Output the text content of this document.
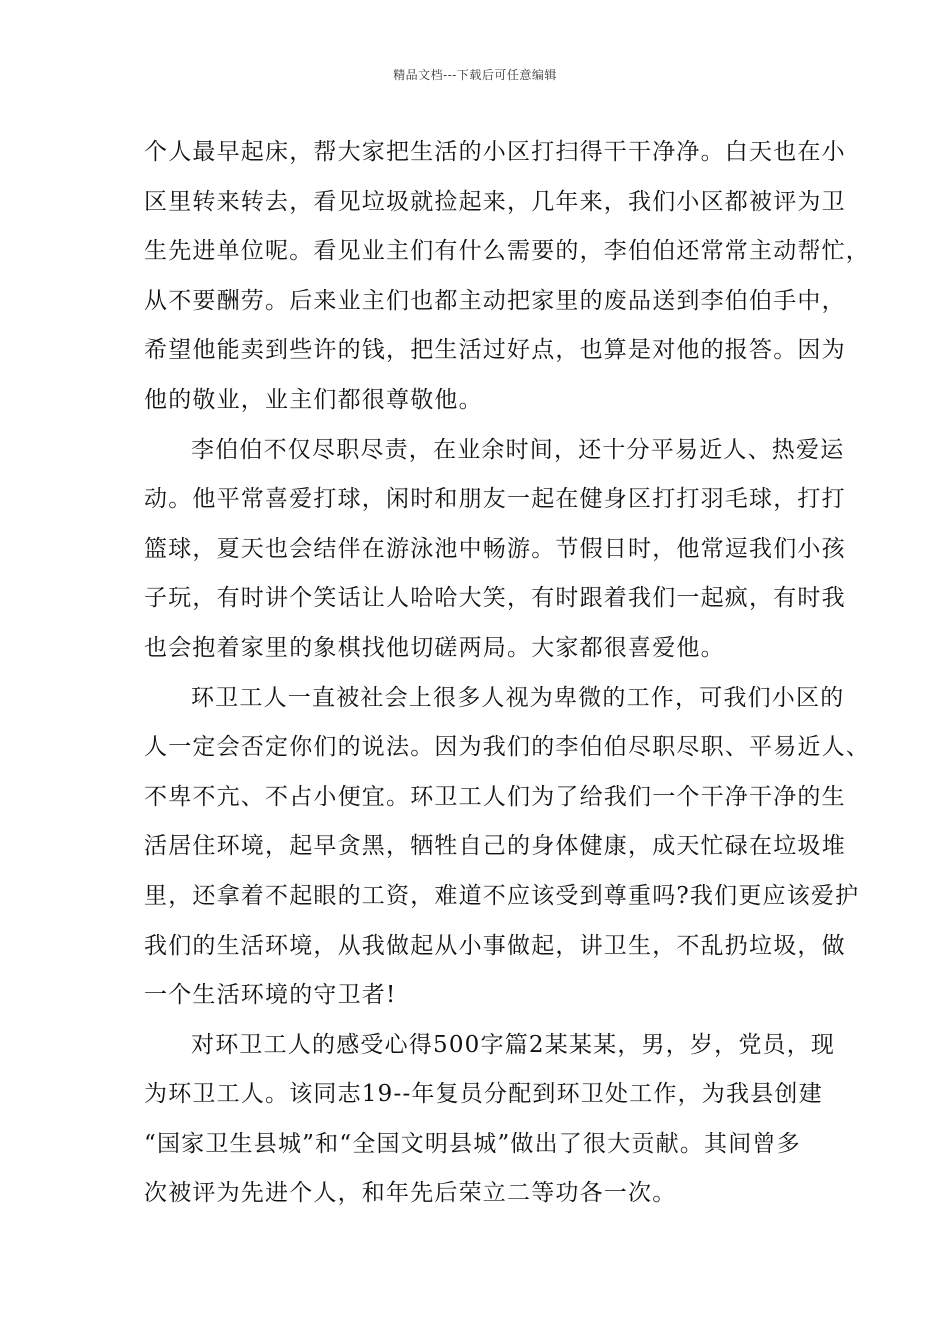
精品文档---下载后可任意编辑
个人最早起床，帮大家把生活的小区打扫得干干净净。白天也在小
区里转来转去，看见垃圾就捡起来，几年来，我们小区都被评为卫
生先进单位呢。看见业主们有什么需要的，李伯伯还常常主动帮忙，
从不要酬劳。后来业主们也都主动把家里的废品送到李伯伯手中，
希望他能卖到些许的钱，把生活过好点，也算是对他的报答。因为
他的敬业，业主们都很尊敬他。
李伯伯不仅尽职尽责，在业余时间，还十分平易近人、热爱运
动。他平常喜爱打球，闲时和朋友一起在健身区打打羽毛球，打打
篮球，夏天也会结伴在游泳池中畅游。节假日时，他常逗我们小孩
子玩，有时讲个笑话让人哈哈大笑，有时跟着我们一起疯，有时我
也会抱着家里的象棋找他切磋两局。大家都很喜爱他。
环卫工人一直被社会上很多人视为卑微的工作，可我们小区的
人一定会否定你们的说法。因为我们的李伯伯尽职尽职、平易近人、
不卑不亢、不占小便宜。环卫工人们为了给我们一个干净干净的生
活居住环境，起早贪黑，牺牲自己的身体健康，成天忙碌在垃圾堆
里，还拿着不起眼的工资，难道不应该受到尊重吗?我们更应该爱护
我们的生活环境，从我做起从小事做起，讲卫生，不乱扔垃圾，做
一个生活环境的守卫者!
对环卫工人的感受心得500字篇2某某某，男，岁，党员，现
为环卫工人。该同志19--年复员分配到环卫处工作，为我县创建
“国家卫生县城”和“全国文明县城”做出了很大贡献。其间曾多
次被评为先进个人，和年先后荣立二等功各一次。
